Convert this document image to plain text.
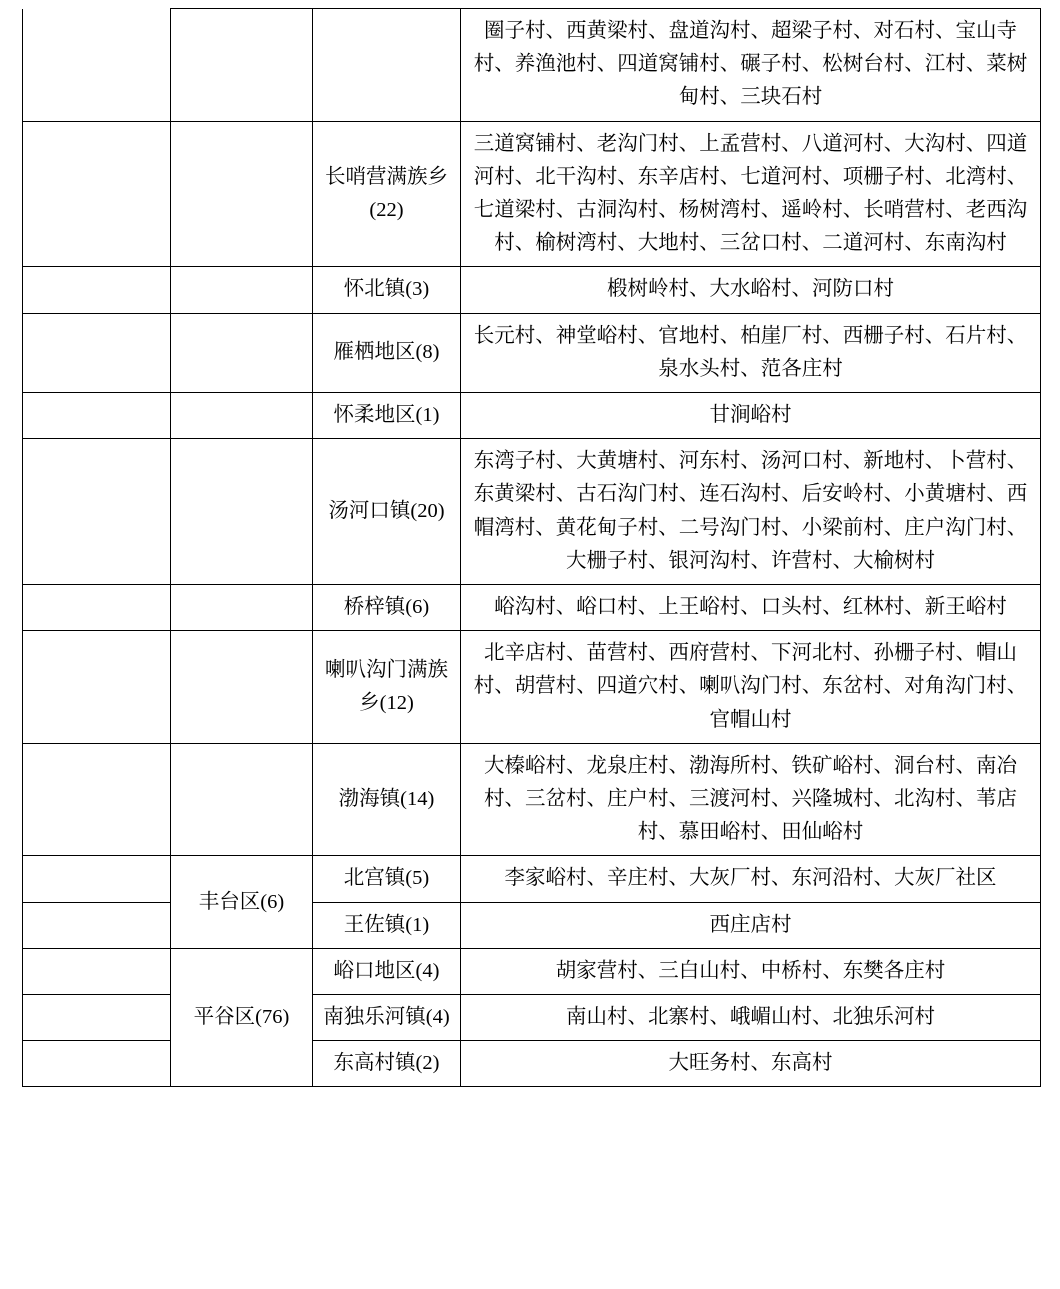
			圈子村、西黄梁村、盘道沟村、超梁子村、对石村、宝山寺村、养渔池村、四道窝铺村、碾子村、松树台村、江村、菜树甸村、三块石村
		长哨营满族乡(22)	三道窝铺村、老沟门村、上孟营村、八道河村、大沟村、四道河村、北干沟村、东辛店村、七道河村、项栅子村、北湾村、七道梁村、古洞沟村、杨树湾村、遥岭村、长哨营村、老西沟村、榆树湾村、大地村、三岔口村、二道河村、东南沟村
		怀北镇(3)	椴树岭村、大水峪村、河防口村
		雁栖地区(8)	长元村、神堂峪村、官地村、柏崖厂村、西栅子村、石片村、泉水头村、范各庄村
		怀柔地区(1)	甘涧峪村
		汤河口镇(20)	东湾子村、大黄塘村、河东村、汤河口村、新地村、卜营村、东黄梁村、古石沟门村、连石沟村、后安岭村、小黄塘村、西帽湾村、黄花甸子村、二号沟门村、小梁前村、庄户沟门村、大栅子村、银河沟村、许营村、大榆树村
		桥梓镇(6)	峪沟村、峪口村、上王峪村、口头村、红林村、新王峪村
		喇叭沟门满族乡(12)	北辛店村、苗营村、西府营村、下河北村、孙栅子村、帽山村、胡营村、四道穴村、喇叭沟门村、东岔村、对角沟门村、官帽山村
		渤海镇(14)	大榛峪村、龙泉庄村、渤海所村、铁矿峪村、洞台村、南冶村、三岔村、庄户村、三渡河村、兴隆城村、北沟村、苇店村、慕田峪村、田仙峪村
	丰台区(6)	北宫镇(5)	李家峪村、辛庄村、大灰厂村、东河沿村、大灰厂社区
		王佐镇(1)	西庄店村
	平谷区(76)	峪口地区(4)	胡家营村、三白山村、中桥村、东樊各庄村
		南独乐河镇(4)	南山村、北寨村、峨嵋山村、北独乐河村
		东高村镇(2)	大旺务村、东高村
